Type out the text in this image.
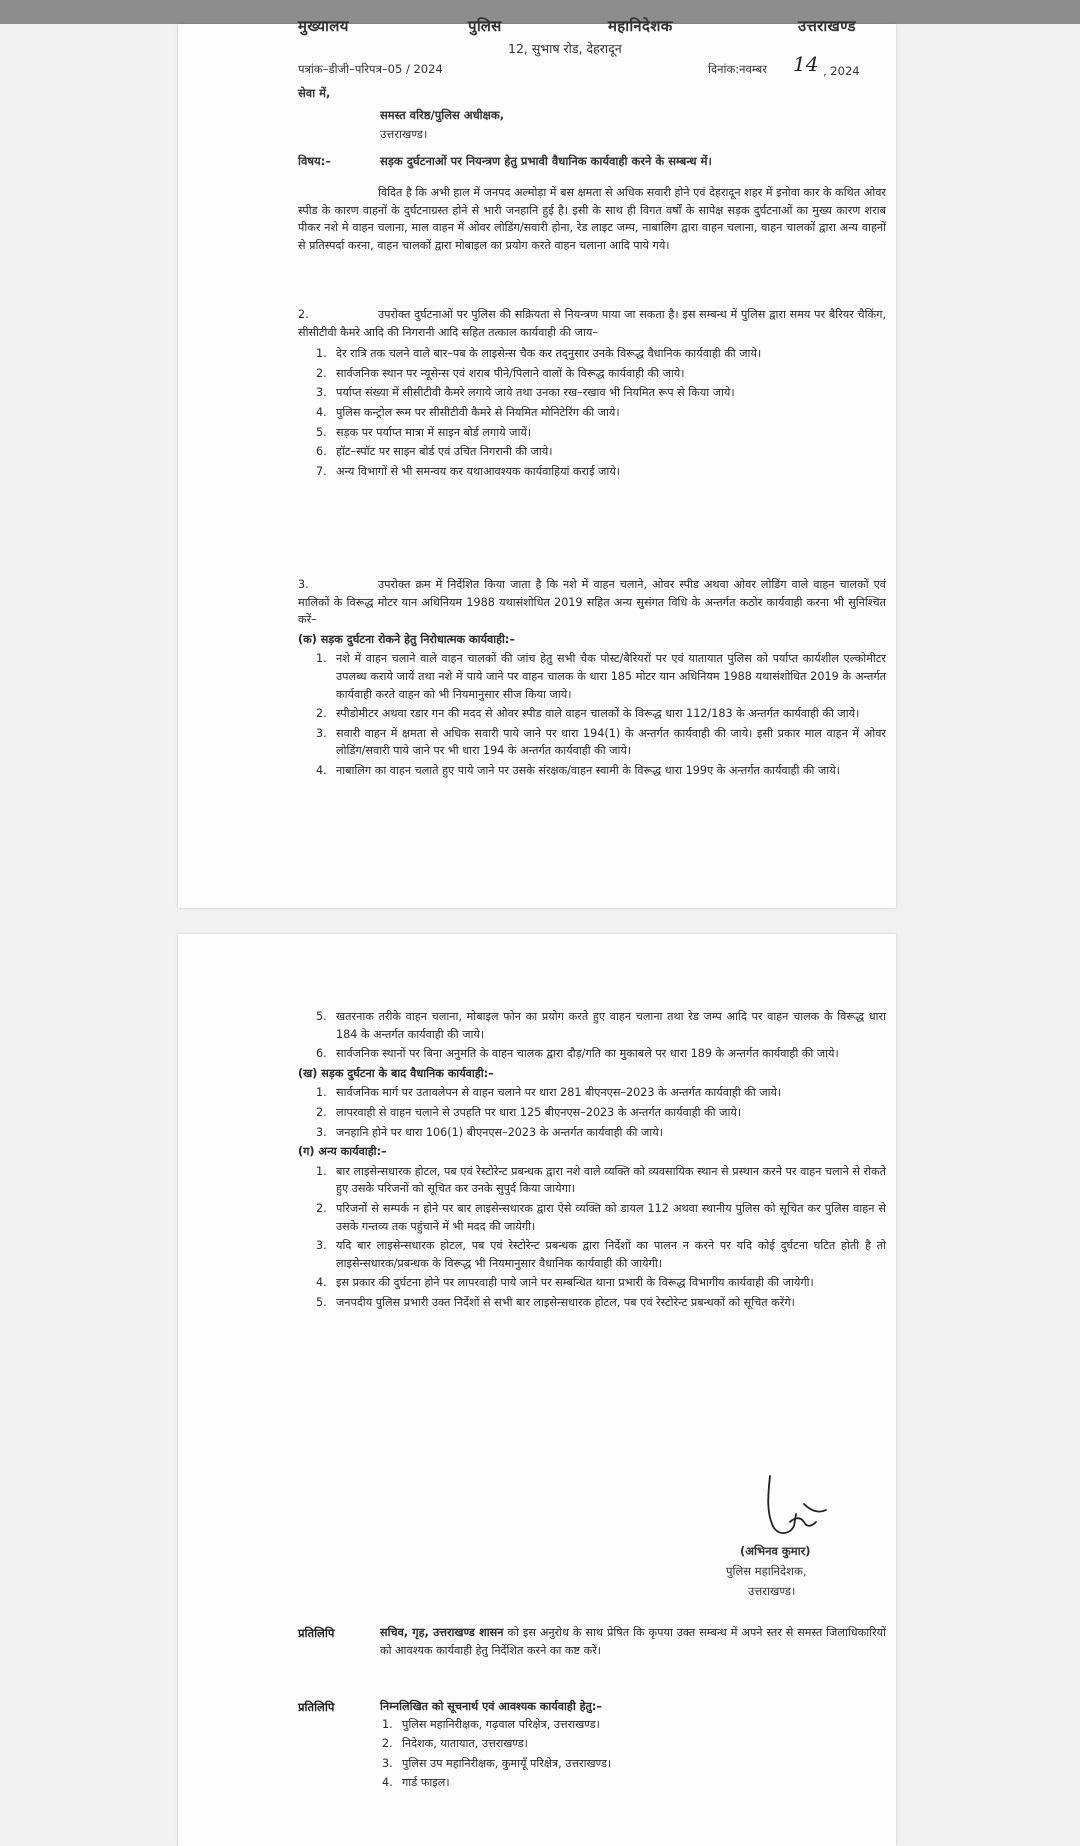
मुख्यालय	पुलिस	महानिदेशक	उत्तराखण्ड
12, सुभाष रोड, देहरादून
पत्रांक–डीजी–परिपत्र–05 / 2024	दिनांक:नवम्बर 14 , 2024
सेवा में,
समस्त वरिष्ठ/पुलिस अधीक्षक,
उत्तराखण्ड।
विषय:–	सड़क दुर्घटनाओं पर नियन्त्रण हेतु प्रभावी वैधानिक कार्यवाही करने के सम्बन्ध में।
विदित है कि अभी हाल में जनपद अल्मोड़ा में बस क्षमता से अधिक सवारी होने एवं देहरादून शहर में इनोवा कार के कथित ओवर स्पीड के कारण वाहनों के दुर्घटनाग्रस्त होने से भारी जनहानि हुई है। इसी के साथ ही विगत वर्षों के सापेक्ष सड़क दुर्घटनाओं का मुख्य कारण शराब पीकर नशे मे वाहन चलाना, माल वाहन में ओवर लोडिंग/सवारी होना, रेड लाइट जम्प, नाबालिग द्वारा वाहन चलाना, वाहन चालकों द्वारा अन्य वाहनों से प्रतिस्पर्दा करना, वाहन चालकों द्वारा मोबाइल का प्रयोग करते वाहन चलाना आदि पाये गये।
2.	उपरोक्त दुर्घटनाओं पर पुलिस की सक्रियता से नियन्त्रण पाया जा सकता है। इस सम्बन्ध में पुलिस द्वारा समय पर बैरियर चैकिंग, सीसीटीवी कैमरे आदि की निगरानी आदि सहित तत्काल कार्यवाही की जाय–
1. देर रात्रि तक चलने वाले बार–पब के लाइसेन्स चैक कर तद्नुसार उनके विरूद्ध वैधानिक कार्यवाही की जाये।
2. सार्वजनिक स्थान पर न्यूसेन्स एवं शराब पीने/पिलाने वालों के विरूद्ध कार्यवाही की जाये।
3. पर्याप्त संख्या में सीसीटीवी कैमरे लगाये जाये तथा उनका रख–रखाव भी नियमित रूप से किया जाये।
4. पुलिस कन्ट्रोल रूम पर सीसीटीवी कैमरे से नियमित मोनिटेरिंग की जाये।
5. सड़क पर पर्याप्त मात्रा में साइन बोर्ड लगाये जायें।
6. हॉट–स्पॉट पर साइन बोर्ड एवं उचित निगरानी की जाये।
7. अन्य विभागों से भी समन्वय कर यथाआवश्यक कार्यवाहियां कराई जाये।
3.	उपरोक्त क्रम में निर्देशित किया जाता है कि नशे में वाहन चलाने, ओवर स्पीड अथवा ओवर लोडिंग वाले वाहन चालकों एवं मालिकों के विरूद्ध मोटर यान अधिनियम 1988 यथासंशोधित 2019 सहित अन्य सुसंगत विधि के अन्तर्गत कठोर कार्यवाही करना भी सुनिश्चित करें–
(क) सड़क दुर्घटना रोकने हेतु निरोधात्मक कार्यवाही:–
1. नशे में वाहन चलाने वाले वाहन चालकों की जांच हेतु सभी चैक पोस्ट/बैरियरों पर एवं यातायात पुलिस को पर्याप्त कार्यशील एल्कोमीटर उपलब्ध कराये जायें तथा नशे में पाये जाने पर वाहन चालक के धारा 185 मोटर यान अधिनियम 1988 यथासंशोधित 2019 के अन्तर्गत कार्यवाही करते वाहन को भी नियमानुसार सीज किया जाये।
2. स्पीडोमीटर अथवा रडार गन की मदद से ओवर स्पीड वाले वाहन चालकों के विरूद्ध धारा 112/183 के अन्तर्गत कार्यवाही की जाये।
3. सवारी वाहन में क्षमता से अधिक सवारी पाये जाने पर धारा 194(1) के अन्तर्गत कार्यवाही की जाये। इसी प्रकार माल वाहन में ओवर लोडिंग/सवारी पाये जाने पर भी धारा 194 के अन्तर्गत कार्यवाही की जाये।
4. नाबालिग का वाहन चलाते हुए पाये जाने पर उसके संरक्षक/वाहन स्वामी के विरूद्ध धारा 199ए के अन्तर्गत कार्यवाही की जाये।
5. खतरनाक तरीके वाहन चलाना, मोबाइल फोन का प्रयोग करते हुए वाहन चलाना तथा रेड जम्प आदि पर वाहन चालक के विरूद्ध धारा 184 के अन्तर्गत कार्यवाही की जाये।
6. सार्वजनिक स्थानों पर बिना अनुमति के वाहन चालक द्वारा दौड़/गति का मुकाबले पर धारा 189 के अन्तर्गत कार्यवाही की जाये।
(ख) सड़क दुर्घटना के बाद वैधानिक कार्यवाही:–
1. सार्वजनिक मार्ग पर उतावलेपन से वाहन चलाने पर धारा 281 बीएनएस–2023 के अन्तर्गत कार्यवाही की जाये।
2. लापरवाही से वाहन चलाने से उपहति पर धारा 125 बीएनएस–2023 के अन्तर्गत कार्यवाही की जाये।
3. जनहानि होने पर धारा 106(1) बीएनएस–2023 के अन्तर्गत कार्यवाही की जाये।
(ग) अन्य कार्यवाही:–
1. बार लाइसेन्सधारक होटल, पब एवं रेस्टोरेन्ट प्रबन्धक द्वारा नशे वाले व्यक्ति को व्यवसायिक स्थान से प्रस्थान करने पर वाहन चलाने से रोकते हुए उसके परिजनों को सूचित कर उनके सुपुर्द किया जायेगा।
2. परिजनों से सम्पर्क न होने पर बार लाइसेन्सधारक द्वारा ऐसे व्यक्ति को डायल 112 अथवा स्थानीय पुलिस को सूचित कर पुलिस वाहन से उसके गन्तव्य तक पहुंचाने में भी मदद की जायेगी।
3. यदि बार लाइसेन्सधारक होटल, पब एवं रेस्टोरेन्ट प्रबन्धक द्वारा निर्देशों का पालन न करने पर यदि कोई दुर्घटना घटित होती है तो लाइसेन्सधारक/प्रबन्धक के विरूद्ध भी नियमानुसार वैधानिक कार्यवाही की जायेगी।
4. इस प्रकार की दुर्घटना होने पर लापरवाही पाये जाने पर सम्बन्धित थाना प्रभारी के विरूद्ध विभागीय कार्यवाही की जायेगी।
5. जनपदीय पुलिस प्रभारी उक्त निर्देशों से सभी बार लाइसेन्सधारक होटल, पब एवं रेस्टोरेन्ट प्रबन्धकों को सूचित करेंगे।
(अभिनव कुमार)
पुलिस महानिदेशक,
उत्तराखण्ड।
प्रतिलिपि	सचिव, गृह, उत्तराखण्ड शासन को इस अनुरोध के साथ प्रेषित कि कृपया उक्त सम्बन्ध में अपने स्तर से समस्त जिलाधिकारियों को आवश्यक कार्यवाही हेतु निर्देशित करने का कष्ट करें।
प्रतिलिपि	निम्नलिखित को सूचनार्थ एवं आवश्यक कार्यवाही हेतु:–
1. पुलिस महानिरीक्षक, गढ़वाल परिक्षेत्र, उत्तराखण्ड।
2. निदेशक, यातायात, उत्तराखण्ड।
3. पुलिस उप महानिरीक्षक, कुमायूँ परिक्षेत्र, उत्तराखण्ड।
4. गार्ड फाइल।
